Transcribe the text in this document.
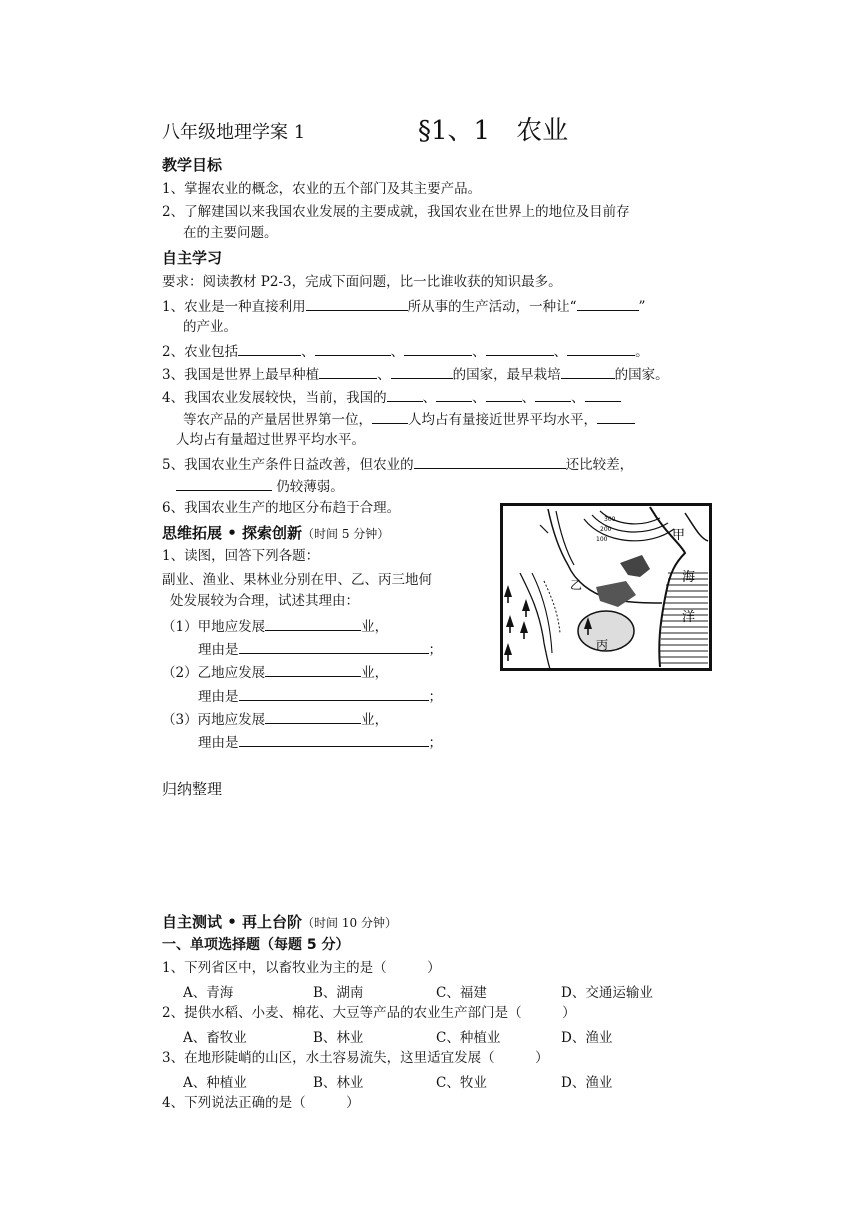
八年级地理学案 1	§1、1　农业
教学目标
1、掌握农业的概念，农业的五个部门及其主要产品。
2、了解建国以来我国农业发展的主要成就，我国农业在世界上的地位及目前存
在的主要问题。
自主学习
要求：阅读教材 P2-3，完成下面问题，比一比谁收获的知识最多。
1、农业是一种直接利用	所从事的生产活动，一种让“	”
的产业。
2、农业包括	、	、	、	、	。
3、我国是世界上最早种植	、	的国家，最早栽培	的国家。
4、我国农业发展较快，当前，我国的	、	、	、	、
等农产品的产量居世界第一位，	人均占有量接近世界平均水平，
人均占有量超过世界平均水平。
5、我国农业生产条件日益改善，但农业的	还比较差，
仍较薄弱。
6、我国农业生产的地区分布趋于合理。
思维拓展 • 探索创新（时间 5 分钟）
1、读图，回答下列各题：
副业、渔业、果林业分别在甲、乙、丙三地何
处发展较为合理，试述其理由：
（1）甲地应发展	业，
理由是	；
（2）乙地应发展	业，
理由是	；
（3）丙地应发展	业，
理由是	；
300
200
100	甲
乙
丙
海
洋
归纳整理
自主测试 • 再上台阶（时间 10 分钟）
一、单项选择题（每题 5 分）
1、下列省区中，以畜牧业为主的是（　　　）
A、青海	B、湖南	C、福建	D、交通运输业
2、提供水稻、小麦、棉花、大豆等产品的农业生产部门是（　　　）
A、畜牧业	B、林业	C、种植业	D、渔业
3、在地形陡峭的山区，水土容易流失，这里适宜发展（　　　）
A、种植业	B、林业	C、牧业	D、渔业
4、下列说法正确的是（　　　）
